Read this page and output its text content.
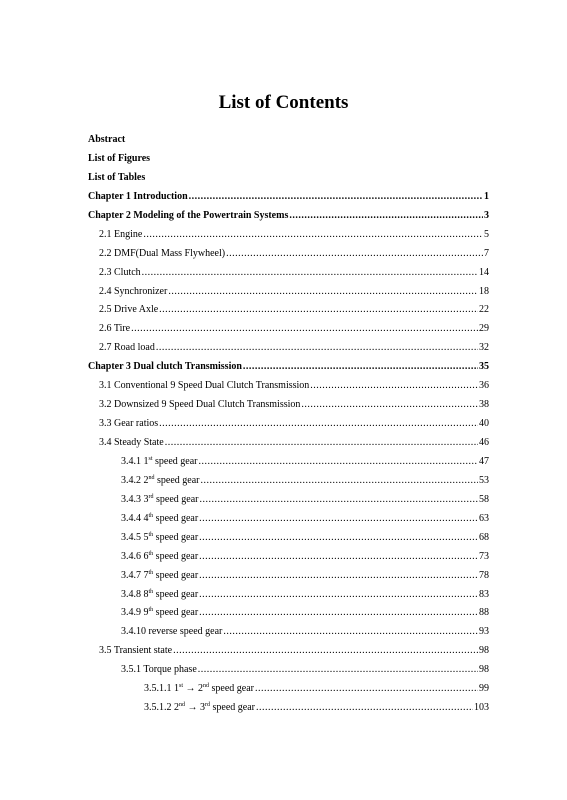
List of Contents
Abstract
List of Figures
List of Tables
Chapter 1 Introduction .....	1
Chapter 2 Modeling of the Powertrain Systems .....	3
2.1 Engine .....	5
2.2 DMF(Dual Mass Flywheel) .....	7
2.3 Clutch .....	14
2.4 Synchronizer .....	18
2.5 Drive Axle .....	22
2.6 Tire .....	29
2.7 Road load .....	32
Chapter 3 Dual clutch Transmission .....	35
3.1 Conventional 9 Speed Dual Clutch Transmission .....	36
3.2 Downsized 9 Speed Dual Clutch Transmission .....	38
3.3 Gear ratios .....	40
3.4 Steady State .....	46
3.4.1 1st speed gear .....	47
3.4.2 2nd speed gear .....	53
3.4.3 3rd speed gear .....	58
3.4.4 4th speed gear .....	63
3.4.5 5th speed gear .....	68
3.4.6 6th speed gear .....	73
3.4.7 7th speed gear .....	78
3.4.8 8th speed gear .....	83
3.4.9 9th speed gear .....	88
3.4.10 reverse speed gear .....	93
3.5 Transient state .....	98
3.5.1 Torque phase .....	98
3.5.1.1 1st → 2nd speed gear .....	99
3.5.1.2 2nd → 3rd speed gear .....	103
